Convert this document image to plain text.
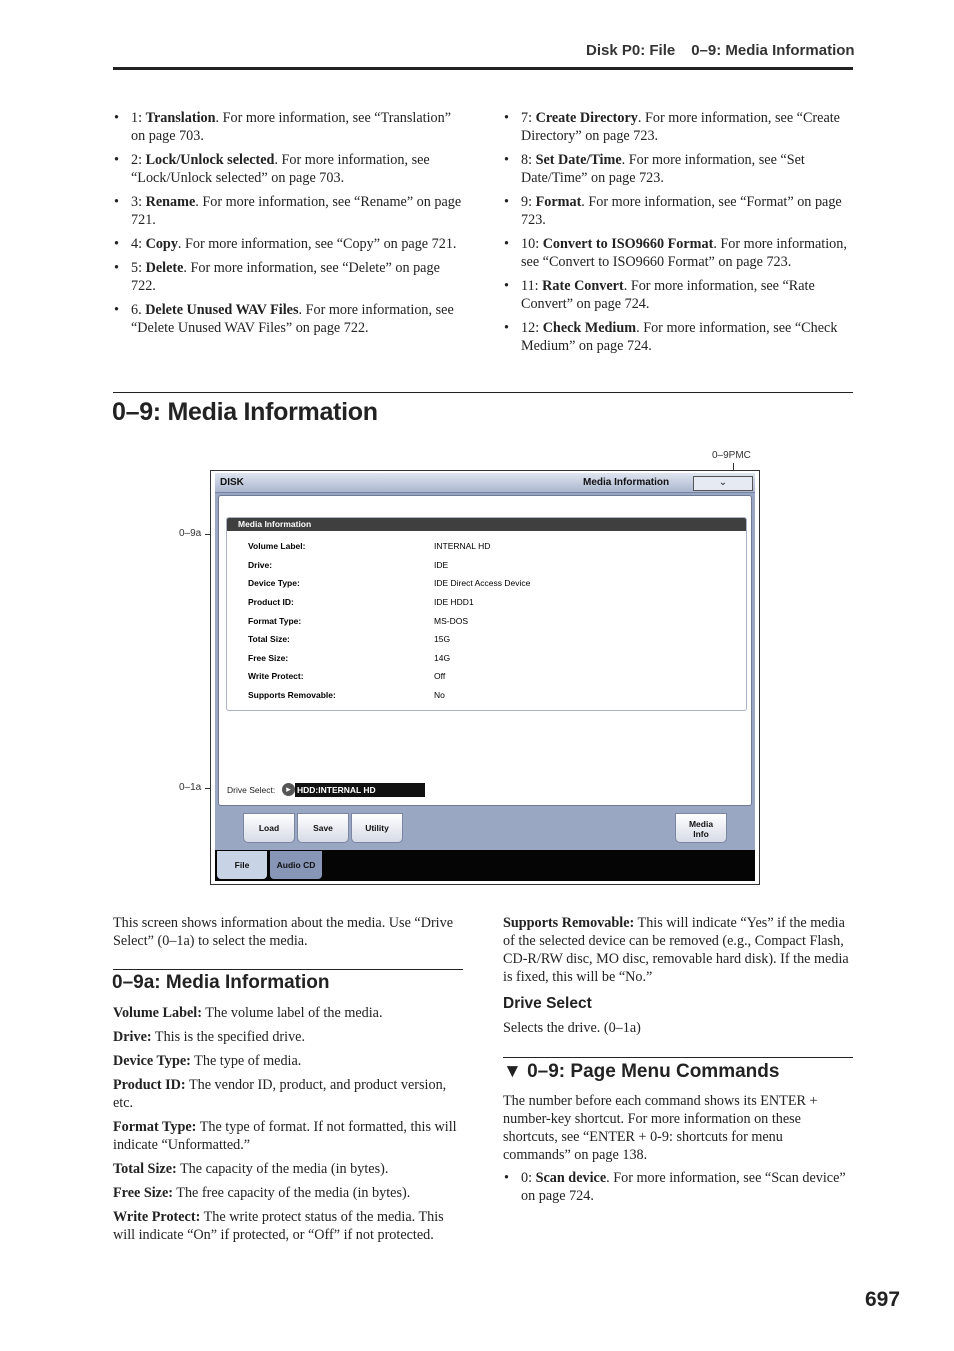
Disk P0: File 0–9: Media Information
• 1: Translation. For more information, see “Translation” on page 703.
• 2: Lock/Unlock selected. For more information, see “Lock/Unlock selected” on page 703.
• 3: Rename. For more information, see “Rename” on page 721.
• 4: Copy. For more information, see “Copy” on page 721.
• 5: Delete. For more information, see “Delete” on page 722.
• 6. Delete Unused WAV Files. For more information, see “Delete Unused WAV Files” on page 722.
• 7: Create Directory. For more information, see “Create Directory” on page 723.
• 8: Set Date/Time. For more information, see “Set Date/Time” on page 723.
• 9: Format. For more information, see “Format” on page 723.
• 10: Convert to ISO9660 Format. For more information, see “Convert to ISO9660 Format” on page 723.
• 11: Rate Convert. For more information, see “Rate Convert” on page 724.
• 12: Check Medium. For more information, see “Check Medium” on page 724.
0–9: Media Information
0–9PMC
0–9a
0–1a
DISK	Media Information	⌄
Media Information
Volume Label:	INTERNAL HD
Drive:	IDE
Device Type:	IDE Direct Access Device
Product ID:	IDE HDD1
Format Type:	MS-DOS
Total Size:	15G
Free Size:	14G
Write Protect:	Off
Supports Removable:	No
Drive Select:	▸ HDD:INTERNAL HD
Load	Save	Utility	Media
Info
File	Audio CD

This screen shows information about the media. Use “Drive Select” (0–1a) to select the media.

0–9a: Media Information

Volume Label: The volume label of the media.

Drive: This is the specified drive.

Device Type: The type of media.

Product ID: The vendor ID, product, and product version, etc.

Format Type: The type of format. If not formatted, this will indicate “Unformatted.”

Total Size: The capacity of the media (in bytes).

Free Size: The free capacity of the media (in bytes).

Write Protect: The write protect status of the media. This will indicate “On” if protected, or “Off” if not protected.

Supports Removable: This will indicate “Yes” if the media of the selected device can be removed (e.g., Compact Flash, CD-R/RW disc, MO disc, removable hard disk). If the media is fixed, this will be “No.”

Drive Select

Selects the drive. (0–1a)

▼ 0–9: Page Menu Commands

The number before each command shows its ENTER + number-key shortcut. For more information on these shortcuts, see “ENTER + 0-9: shortcuts for menu commands” on page 138.

• 0: Scan device. For more information, see “Scan device” on page 724.
697
